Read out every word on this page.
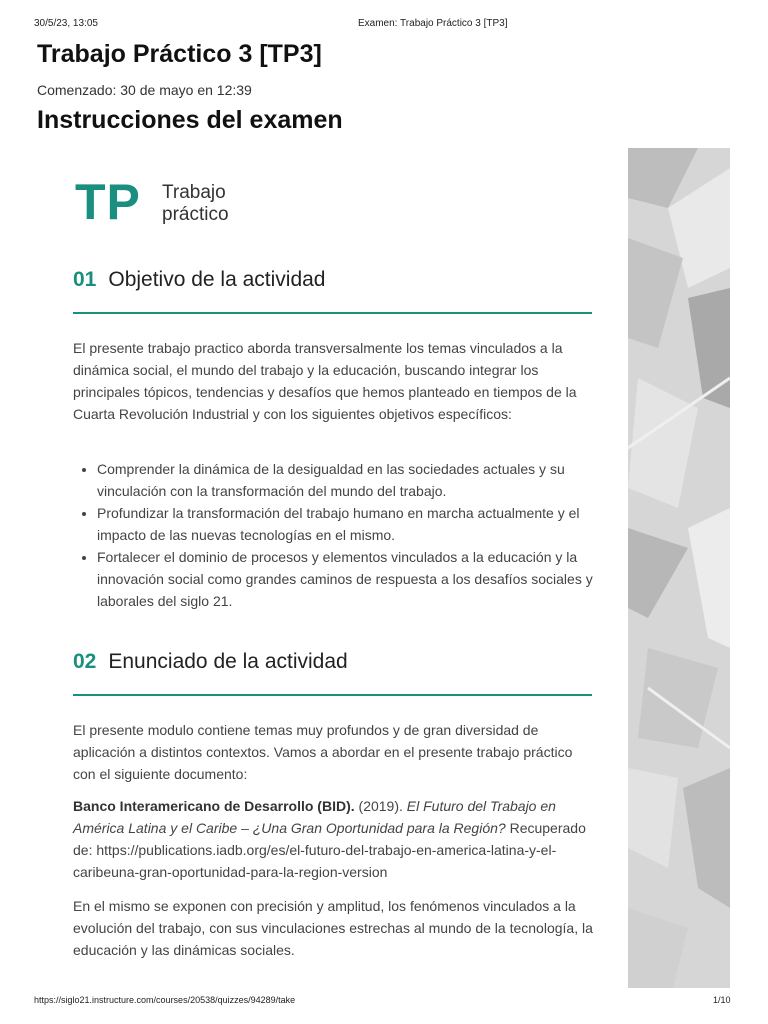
30/5/23, 13:05	Examen: Trabajo Práctico 3 [TP3]
Trabajo Práctico 3 [TP3]
Comenzado: 30 de mayo en 12:39
Instrucciones del examen
TP Trabajo
práctico
01 Objetivo de la actividad

El presente trabajo practico aborda transversalmente los temas vinculados a la dinámica social, el mundo del trabajo y la educación, buscando integrar los principales tópicos, tendencias y desafíos que hemos planteado en tiempos de la Cuarta Revolución Industrial y con los siguientes objetivos específicos:

• Comprender la dinámica de la desigualdad en las sociedades actuales y su vinculación con la transformación del mundo del trabajo.
• Profundizar la transformación del trabajo humano en marcha actualmente y el impacto de las nuevas tecnologías en el mismo.
• Fortalecer el dominio de procesos y elementos vinculados a la educación y la innovación social como grandes caminos de respuesta a los desafíos sociales y laborales del siglo 21.
02 Enunciado de la actividad

El presente modulo contiene temas muy profundos y de gran diversidad de aplicación a distintos contextos. Vamos a abordar en el presente trabajo práctico con el siguiente documento:

Banco Interamericano de Desarrollo (BID). (2019). El Futuro del Trabajo en América Latina y el Caribe – ¿Una Gran Oportunidad para la Región? Recuperado de: https://publications.iadb.org/es/el-futuro-del-trabajo-en-america-latina-y-el-caribeuna-gran-oportunidad-para-la-region-version

En el mismo se exponen con precisión y amplitud, los fenómenos vinculados a la evolución del trabajo, con sus vinculaciones estrechas al mundo de la tecnología, la educación y las dinámicas sociales.

https://siglo21.instructure.com/courses/20538/quizzes/94289/take	1/10
